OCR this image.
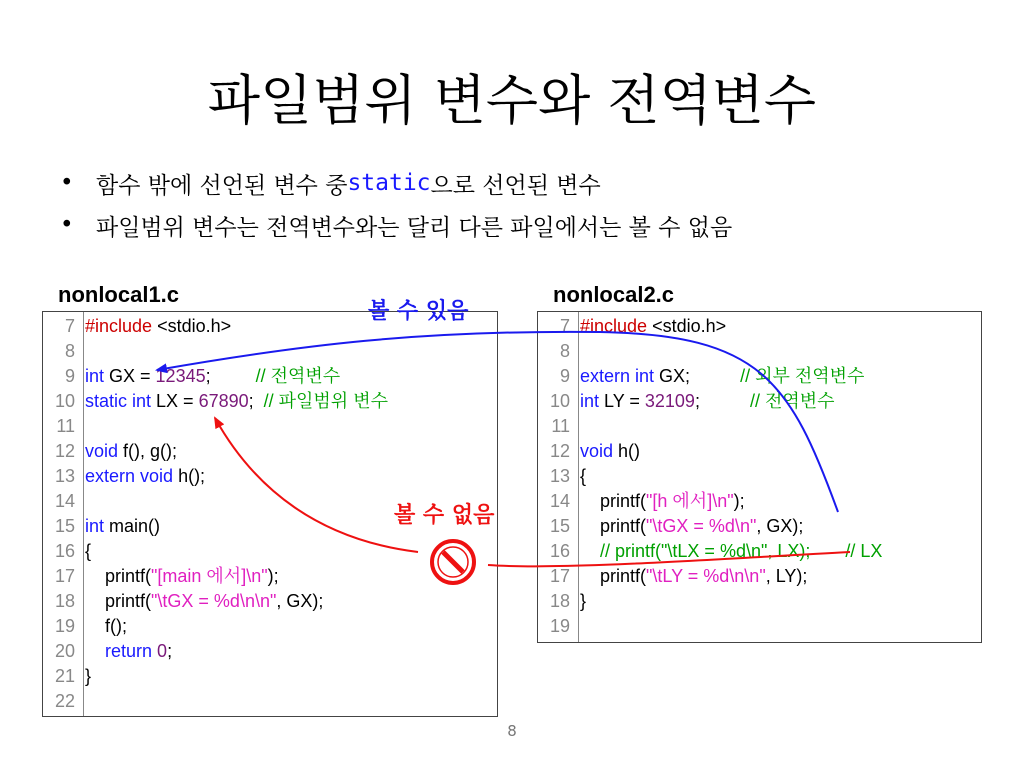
파일범위 변수와 전역변수
• 함수 밖에 선언된 변수 중 static 으로 선언된 변수
• 파일범위 변수는 전역변수와는 달리 다른 파일에서는 볼 수 없음
nonlocal1.c	nonlocal2.c
7 #include <stdio.h>
8
9 int GX = 12345;         // 전역변수
10 static int LX = 67890;  // 파일범위 변수
11
12 void f(), g();
13 extern void h();
14
15 int main()
16 {
17    printf("[main 에서]\n");
18    printf("\tGX = %d\n\n", GX);
19    f();
20 return 0;
21 }
22
7 #include <stdio.h>
8
9 extern int GX;          // 외부 전역변수
10 int LY = 32109;          // 전역변수
11
12 void h()
13 {
14    printf("[h 에서]\n");
15    printf("\tGX = %d\n", GX);
16    // printf("\tLX = %d\n", LX);       // LX
17    printf("\tLY = %d\n\n", LY);
18 }
19
볼 수 있음
볼 수 없음
8
